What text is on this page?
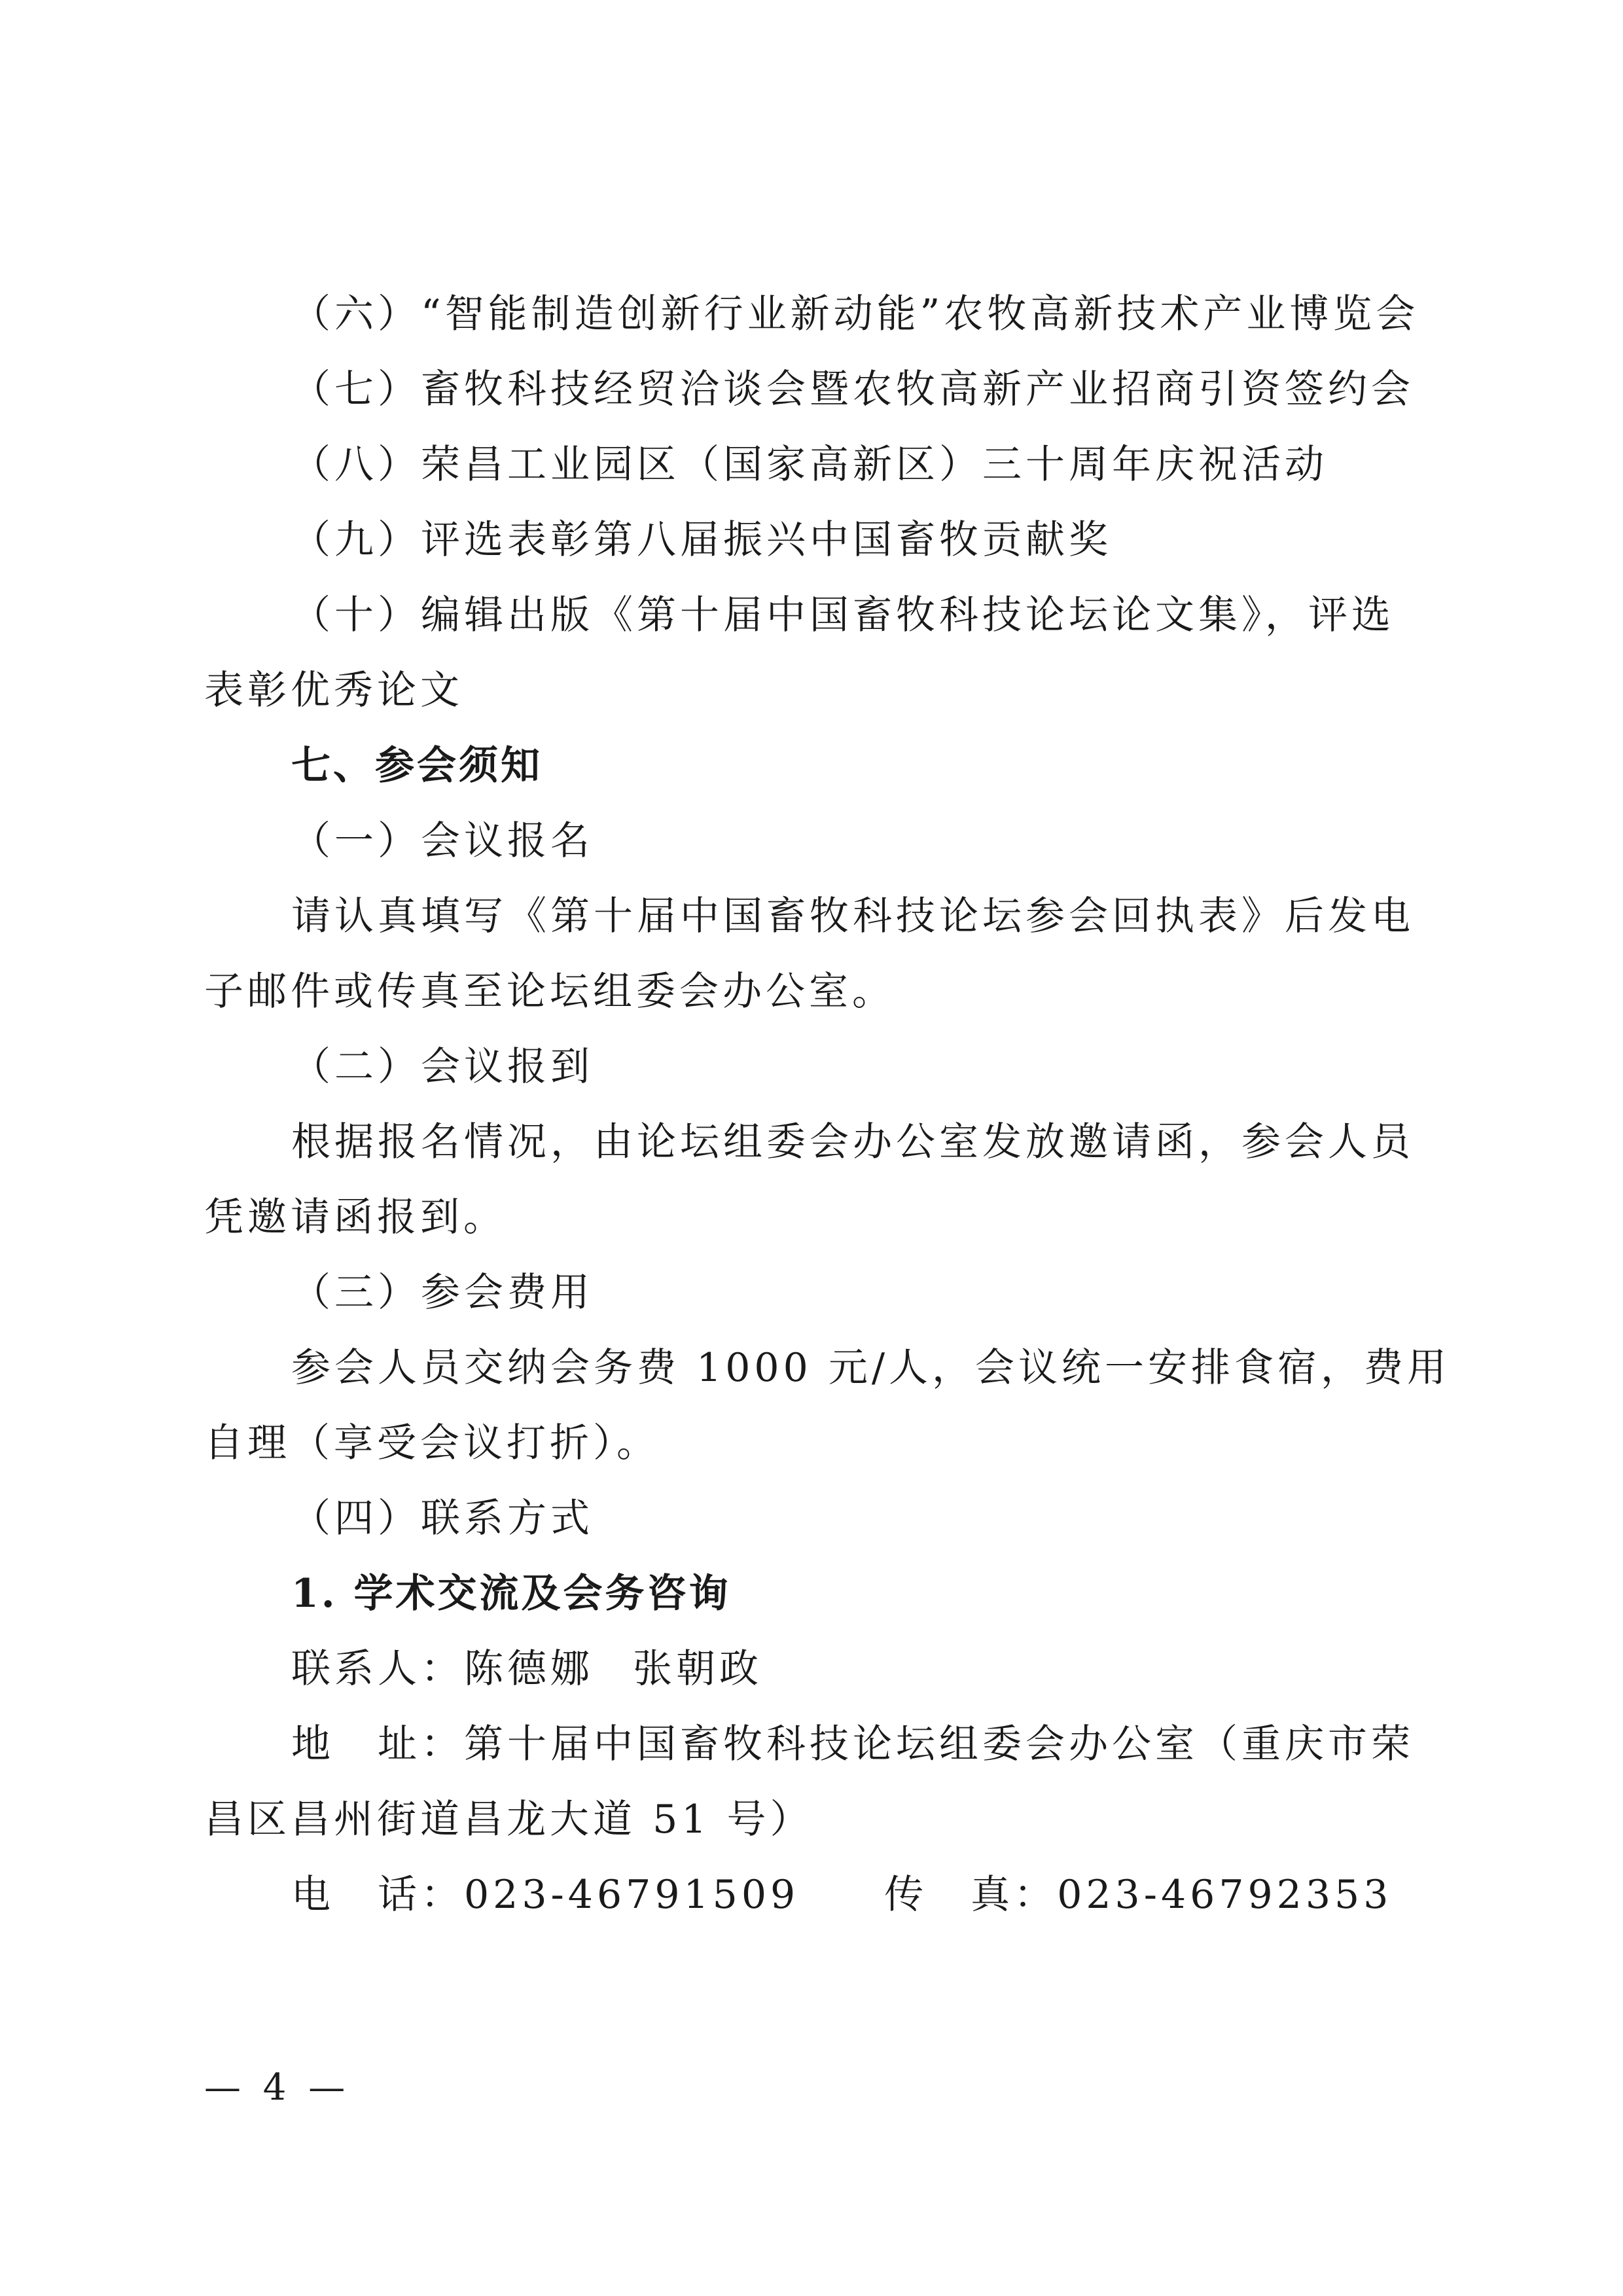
（六）“智能制造创新行业新动能”农牧高新技术产业博览会
（七）畜牧科技经贸洽谈会暨农牧高新产业招商引资签约会
（八）荣昌工业园区（国家高新区）三十周年庆祝活动
（九）评选表彰第八届振兴中国畜牧贡献奖
（十）编辑出版《第十届中国畜牧科技论坛论文集》，评选
表彰优秀论文
七、参会须知
（一）会议报名
请认真填写《第十届中国畜牧科技论坛参会回执表》后发电
子邮件或传真至论坛组委会办公室。
（二）会议报到
根据报名情况，由论坛组委会办公室发放邀请函，参会人员
凭邀请函报到。
（三）参会费用
参会人员交纳会务费 1000 元/人，会议统一安排食宿，费用
自理（享受会议打折）。
（四）联系方式
1. 学术交流及会务咨询
联系人：陈德娜 张朝政
地　址：第十届中国畜牧科技论坛组委会办公室（重庆市荣
昌区昌州街道昌龙大道 51 号）
电　话：023-46791509 传　真：023-46792353
— 4 —
